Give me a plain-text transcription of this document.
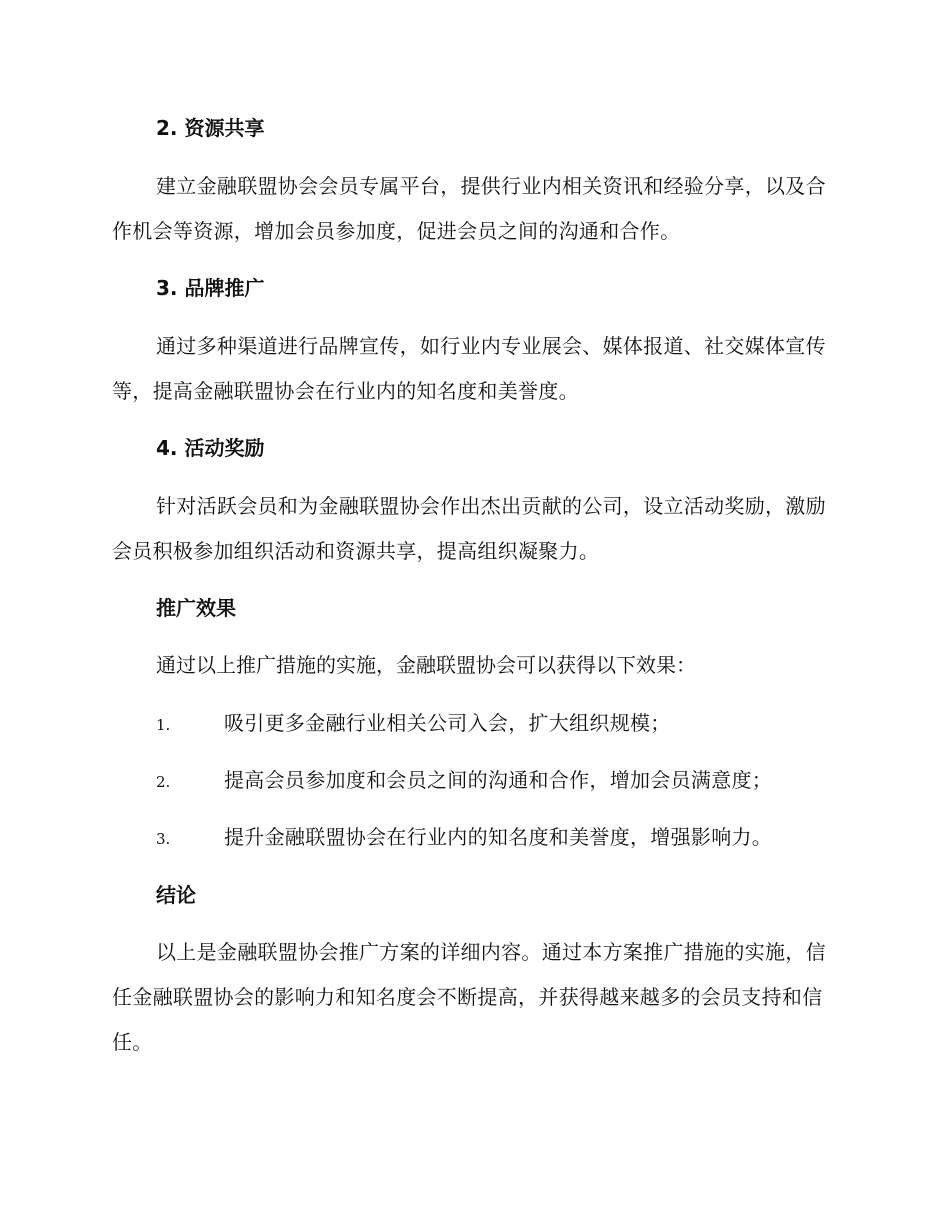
2. 资源共享

建立金融联盟协会会员专属平台，提供行业内相关资讯和经验分享，以及合作机会等资源，增加会员参加度，促进会员之间的沟通和合作。

3. 品牌推广

通过多种渠道进行品牌宣传，如行业内专业展会、媒体报道、社交媒体宣传等，提高金融联盟协会在行业内的知名度和美誉度。

4. 活动奖励

针对活跃会员和为金融联盟协会作出杰出贡献的公司，设立活动奖励，激励会员积极参加组织活动和资源共享，提高组织凝聚力。

推广效果
通过以上推广措施的实施，金融联盟协会可以获得以下效果：
1.	吸引更多金融行业相关公司入会，扩大组织规模；
2.	提高会员参加度和会员之间的沟通和合作，增加会员满意度；
3.	提升金融联盟协会在行业内的知名度和美誉度，增强影响力。
结论

以上是金融联盟协会推广方案的详细内容。通过本方案推广措施的实施，信任金融联盟协会的影响力和知名度会不断提高，并获得越来越多的会员支持和信任。
